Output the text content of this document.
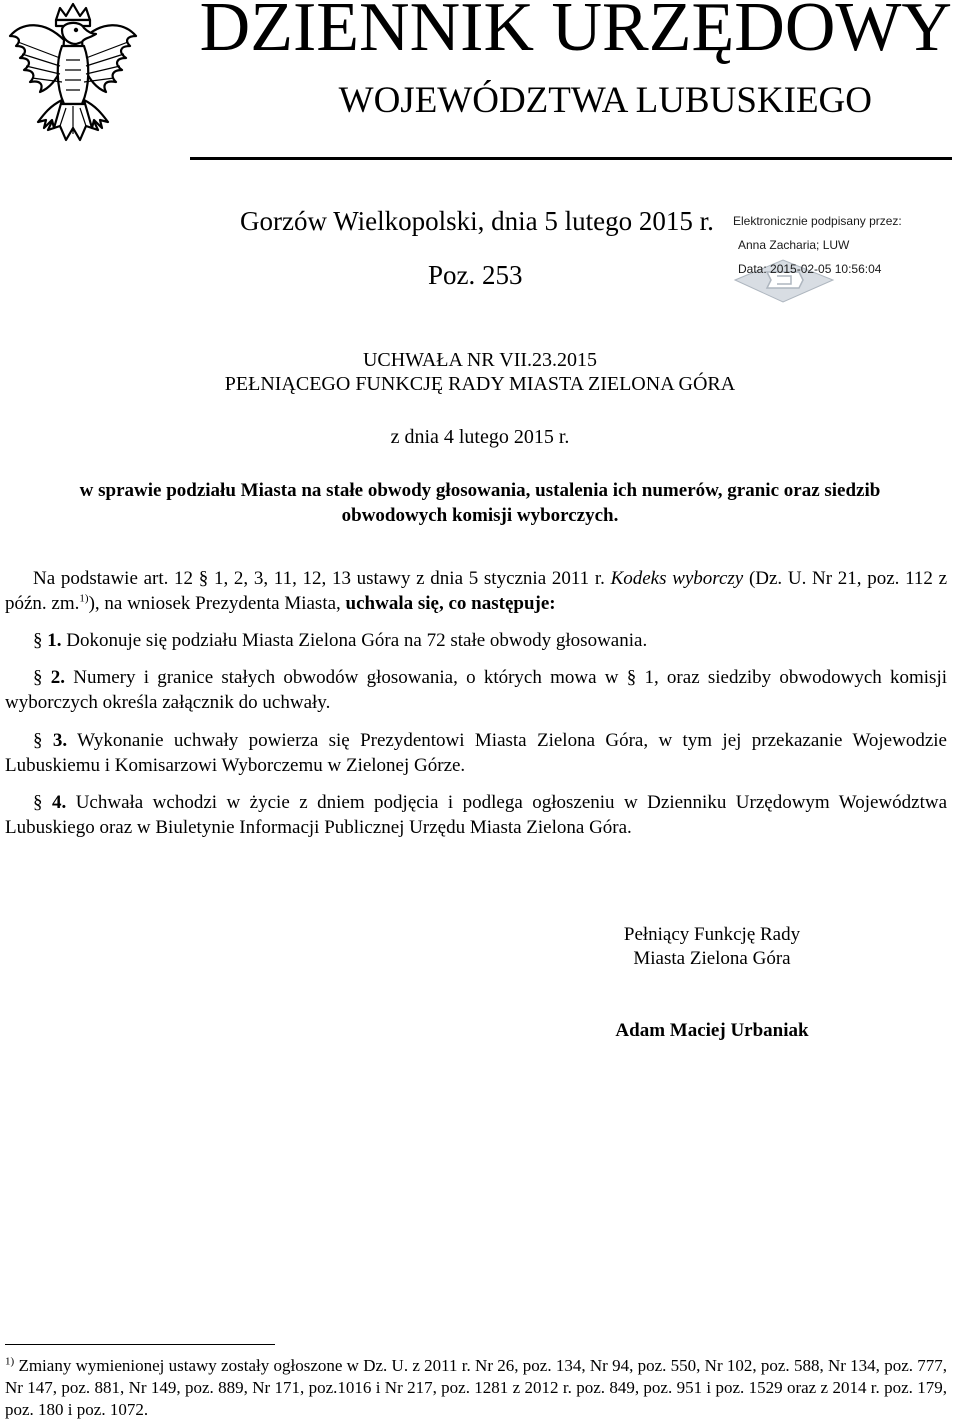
DZIENNIK URZĘDOWY
WOJEWÓDZTWA LUBUSKIEGO
Gorzów Wielkopolski, dnia 5 lutego 2015 r.
Poz. 253
Elektronicznie podpisany przez:
Anna Zacharia; LUW
Data: 2015-02-05 10:56:04
UCHWAŁA NR VII.23.2015
PEŁNIĄCEGO FUNKCJĘ RADY MIASTA ZIELONA GÓRA
z dnia 4 lutego 2015 r.
w sprawie podziału Miasta na stałe obwody głosowania, ustalenia ich numerów, granic oraz siedzib obwodowych komisji wyborczych.
Na podstawie art. 12 § 1, 2, 3, 11, 12, 13 ustawy z dnia 5 stycznia 2011 r. Kodeks wyborczy (Dz. U. Nr 21, poz. 112 z późn. zm.$^{1)}$), na wniosek Prezydenta Miasta, uchwala się, co następuje:
§ 1. Dokonuje się podziału Miasta Zielona Góra na 72 stałe obwody głosowania.
§ 2. Numery i granice stałych obwodów głosowania, o których mowa w § 1, oraz siedziby obwodowych komisji wyborczych określa załącznik do uchwały.
§ 3. Wykonanie uchwały powierza się Prezydentowi Miasta Zielona Góra, w tym jej przekazanie Wojewodzie Lubuskiemu i Komisarzowi Wyborczemu w Zielonej Górze.
§ 4. Uchwała wchodzi w życie z dniem podjęcia i podlega ogłoszeniu w Dzienniku Urzędowym Województwa Lubuskiego oraz w Biuletynie Informacji Publicznej Urzędu Miasta Zielona Góra.
Pełniący Funkcję Rady
Miasta Zielona Góra
Adam Maciej Urbaniak
$^{1)}$ Zmiany wymienionej ustawy zostały ogłoszone w Dz. U. z 2011 r. Nr 26, poz. 134, Nr 94, poz. 550, Nr 102, poz. 588, Nr 134, poz. 777, Nr 147, poz. 881, Nr 149, poz. 889, Nr 171, poz.1016 i Nr 217, poz. 1281 z 2012 r. poz. 849, poz. 951 i poz. 1529 oraz z 2014 r. poz. 179, poz. 180 i poz. 1072.
